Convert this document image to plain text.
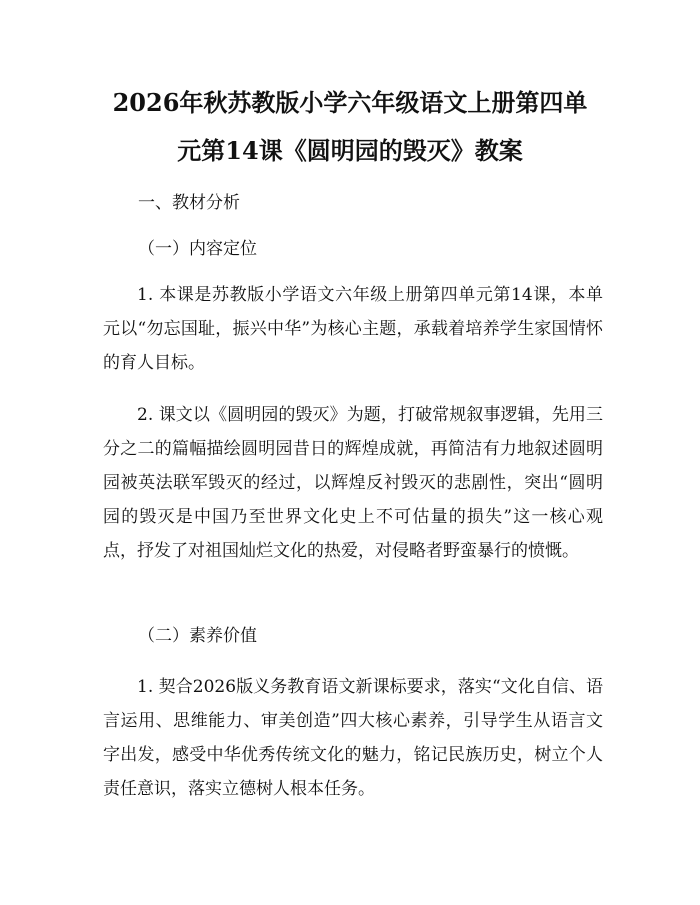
2026年秋苏教版小学六年级语文上册第四单
元第14课《圆明园的毁灭》教案

一、教材分析

（一）内容定位

1. 本课是苏教版小学语文六年级上册第四单元第14课，本单元以“勿忘国耻，振兴中华”为核心主题，承载着培养学生家国情怀的育人目标。

2. 课文以《圆明园的毁灭》为题，打破常规叙事逻辑，先用三分之二的篇幅描绘圆明园昔日的辉煌成就，再简洁有力地叙述圆明园被英法联军毁灭的经过，以辉煌反衬毁灭的悲剧性，突出“圆明园的毁灭是中国乃至世界文化史上不可估量的损失”这一核心观点，抒发了对祖国灿烂文化的热爱，对侵略者野蛮暴行的愤慨。

（二）素养价值

1. 契合2026版义务教育语文新课标要求，落实“文化自信、语言运用、思维能力、审美创造”四大核心素养，引导学生从语言文字出发，感受中华优秀传统文化的魅力，铭记民族历史，树立个人责任意识，落实立德树人根本任务。
